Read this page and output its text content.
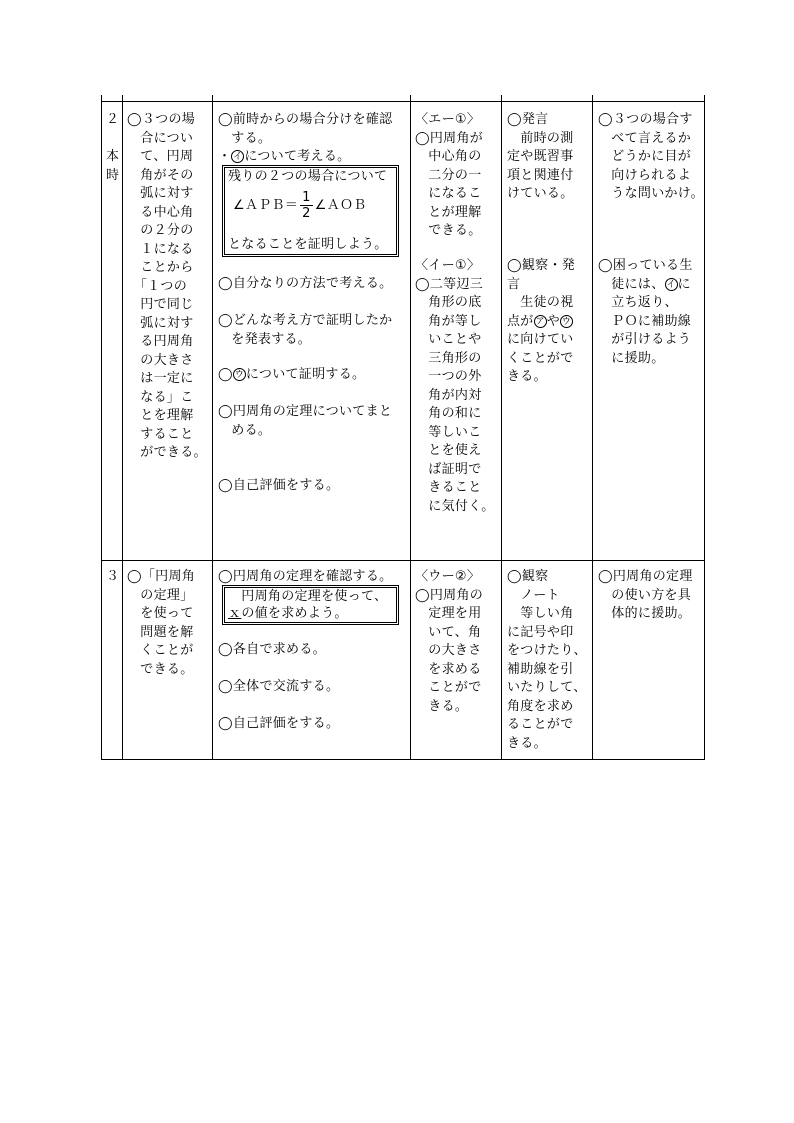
２
本
時
◯３つの場
　合につい
　て、円周
　角がその
　弧に対す
　る中心角
　の２分の
　１になる
　ことから
　「１つの
　円で同じ
　弧に対す
　る円周角
　の大きさ
　は一定に
　なる」こ
　とを理解
　すること
　ができる。
◯前時からの場合分けを確認
　する。
・ イ について考える。
残りの２つの場合について
∠ＡＰＢ＝ $\frac{1}{2}$ ∠ＡＯＢ
となることを証明しよう。
◯自分なりの方法で考える。
◯どんな考え方で証明したか
　を発表する。
◯ ウ について証明する。
◯円周角の定理についてまと
　める。
◯自己評価をする。
〈エー①〉
◯円周角が
　中心角の
　二分の一
　になるこ
　とが理解
　できる。
〈イー①〉
◯二等辺三
　角形の底
　角が等し
　いことや
　三角形の
　一つの外
　角が内対
　角の和に
　等しいこ
　とを使え
　ば証明で
　きること
　に気付く。
◯発言
　前時の測
定や既習事
項と関連付
けている。
◯観察・発
言
　生徒の視
点が ア や ウ
に向けてい
くことがで
きる。
◯３つの場合す
　べて言えるか
　どうかに目が
　向けられるよ
　うな問いかけ。
◯困っている生
　徒には、 イ に
　立ち返り、
　ＰＯに補助線
　が引けるよう
　に援助。
３ ◯「円周角
　の定理」
　を使って
　問題を解
　くことが
　できる。
◯円周角の定理を確認する。
　円周角の定理を使って、
ｘの値を求めよう。
◯各自で求める。
◯全体で交流する。
◯自己評価をする。
〈ウー②〉
◯円周角の
　定理を用
　いて、角
　の大きさ
　を求める
　ことがで
　きる。
◯観察
　ノート
　等しい角
に記号や印
をつけたり、
補助線を引
いたりして、
角度を求め
ることがで
きる。
◯円周角の定理
　の使い方を具
　体的に援助。
